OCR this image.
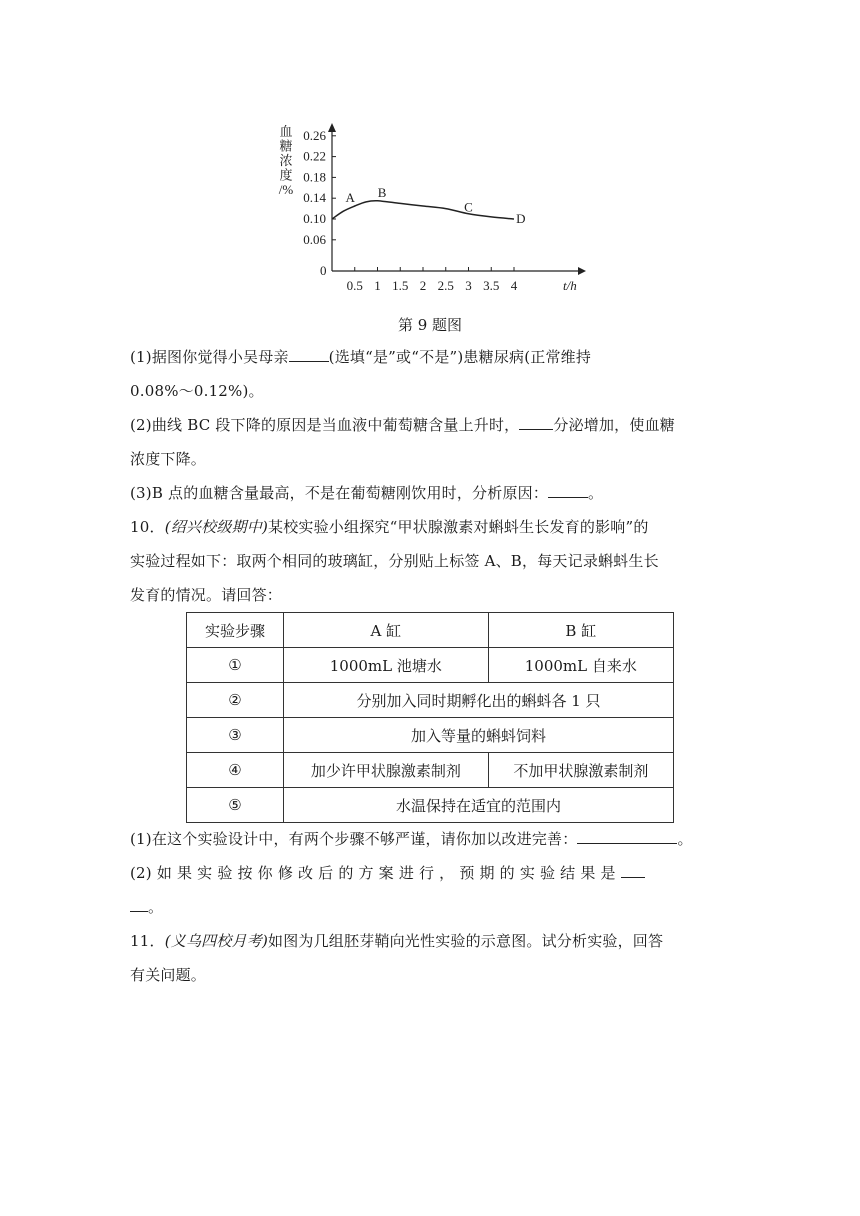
0
0.5 1 1.5 2 2.5 3 3.5 4	t/h
0.06
0.10
0.14
0.18
0.22
0.26
血糖浓度/%
A B
C
D
第 9 题图

(1)据图你觉得小吴母亲	(选填“是”或“不是”)患糖尿病(正常维持

0.08%～0.12%)。

(2)曲线 BC 段下降的原因是当血液中葡萄糖含量上升时， 分泌增加，使血糖

浓度下降。

(3)B 点的血糖含量最高，不是在葡萄糖刚饮用时，分析原因：	。

10．(绍兴校级期中)某校实验小组探究“甲状腺激素对蝌蚪生长发育的影响”的

实验过程如下：取两个相同的玻璃缸，分别贴上标签 A、B，每天记录蝌蚪生长

发育的情况。请回答：

实验步骤	A 缸	B 缸
①	1000mL 池塘水	1000mL 自来水
②	分别加入同时期孵化出的蝌蚪各 1 只	
③	加入等量的蝌蚪饲料	
④	加少许甲状腺激素制剂	不加甲状腺激素制剂
⑤	水温保持在适宜的范围内	

(1)在这个实验设计中，有两个步骤不够严谨，请你加以改进完善：	。

(2) 如 果 实 验 按 你 修 改 后 的 方 案 进 行 ， 预 期 的 实 验 结 果 是

。

11．(义乌四校月考)如图为几组胚芽鞘向光性实验的示意图。试分析实验，回答

有关问题。
